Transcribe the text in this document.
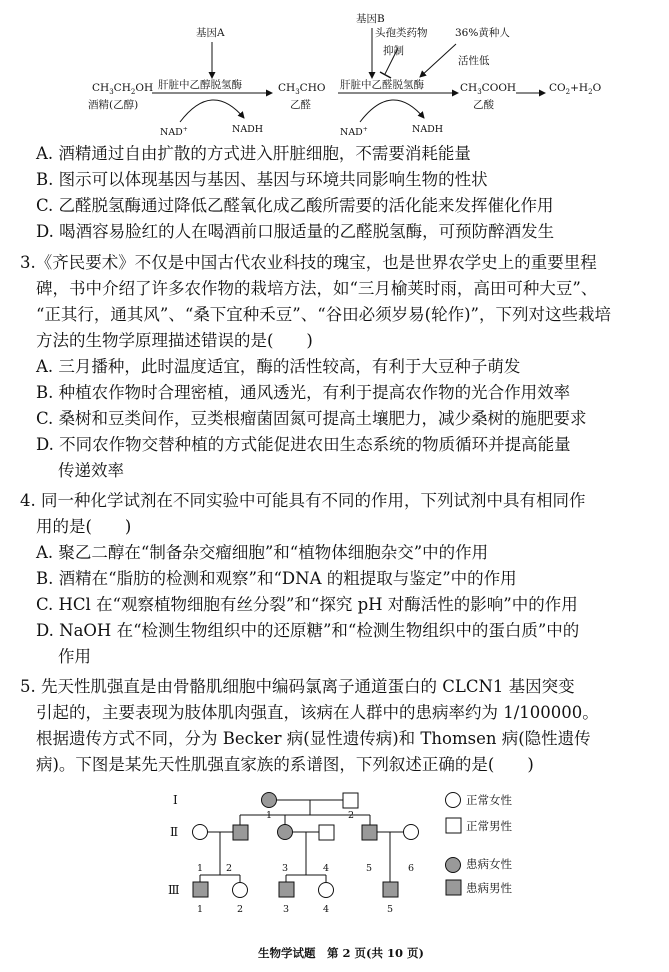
基因A
基因B
头孢类药物
抑制
36%黄种人
活性低
$CH_3CH_2OH$
酒精(乙醇)
肝脏中乙醇脱氢酶	$CH_3CHO$
乙醛
肝脏中乙醛脱氢酶	$CH_3COOH$
乙酸
$CO_2+H_2O$
NAD+	NADH	NAD+	NADH
A. 酒精通过自由扩散的方式进入肝脏细胞，不需要消耗能量
B. 图示可以体现基因与基因、基因与环境共同影响生物的性状
C. 乙醛脱氢酶通过降低乙醛氧化成乙酸所需要的活化能来发挥催化作用
D. 喝酒容易脸红的人在喝酒前口服适量的乙醛脱氢酶，可预防醉酒发生
3.《齐民要术》不仅是中国古代农业科技的瑰宝，也是世界农学史上的重要里程
碑，书中介绍了许多农作物的栽培方法，如“三月榆荚时雨，高田可种大豆”、
“正其行，通其风”、“桑下宜种禾豆”、“谷田必须岁易(轮作)”，下列对这些栽培
方法的生物学原理描述错误的是(　　)
A. 三月播种，此时温度适宜，酶的活性较高，有利于大豆种子萌发
B. 种植农作物时合理密植，通风透光，有利于提高农作物的光合作用效率
C. 桑树和豆类间作，豆类根瘤菌固氮可提高土壤肥力，减少桑树的施肥要求
D. 不同农作物交替种植的方式能促进农田生态系统的物质循环并提高能量
传递效率
4. 同一种化学试剂在不同实验中可能具有不同的作用，下列试剂中具有相同作
用的是(　　)
A. 聚乙二醇在“制备杂交瘤细胞”和“植物体细胞杂交”中的作用
B. 酒精在“脂肪的检测和观察”和“DNA 的粗提取与鉴定”中的作用
C. HCl 在“观察植物细胞有丝分裂”和“探究 pH 对酶活性的影响”中的作用
D. NaOH 在“检测生物组织中的还原糖”和“检测生物组织中的蛋白质”中的
作用
5. 先天性肌强直是由骨骼肌细胞中编码氯离子通道蛋白的 CLCN1 基因突变
引起的，主要表现为肢体肌肉强直，该病在人群中的患病率约为 1/100000。
根据遗传方式不同，分为 Becker 病(显性遗传病)和 Thomsen 病(隐性遗传
病)。下图是某先天性肌强直家族的系谱图，下列叙述正确的是(　　)
Ⅰ
Ⅱ
Ⅲ
1	2
1 2	3	4	5	6
1	2	3	4	5
正常女性
正常男性
患病女性
患病男性
生物学试题　第 2 页(共 10 页)
